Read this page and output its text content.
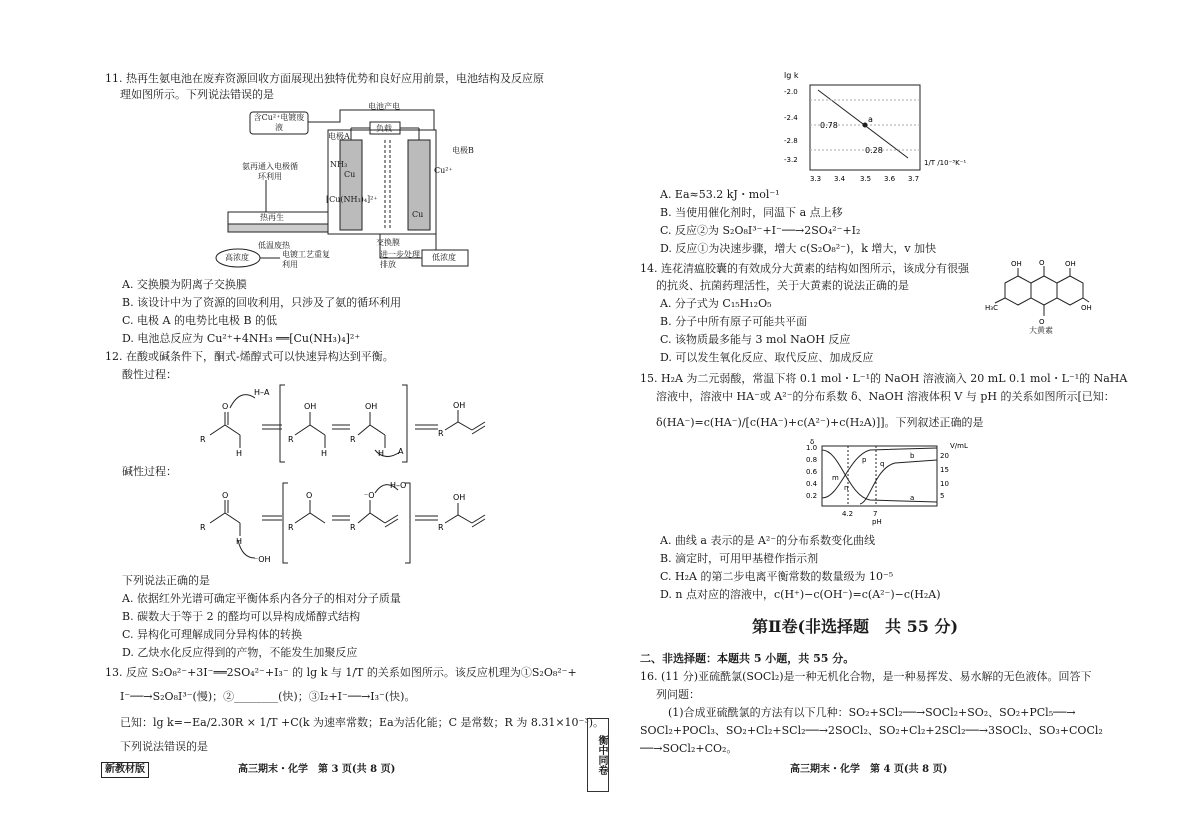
11. 热再生氨电池在废弃资源回收方面展现出独特优势和良好应用前景，电池结构及反应原
理如图所示。下列说法错误的是
含Cu²⁺电镀废液
电池产电
负载
电极A
电极B
Cu
Cu
Cu²⁺
NH₃
[Cu(NH₃)₄]²⁺
氨再通入电极循环利用
热再生
低温废热
高浓度	电镀工艺重复利用
交换膜
进一步处理排放
低浓度
A. 交换膜为阴离子交换膜
B. 该设计中为了资源的回收利用，只涉及了氨的循环利用
C. 电极 A 的电势比电极 B 的低
D. 电池总反应为 Cu²⁺+4NH₃ ══[Cu(NH₃)₄]²⁺
12. 在酸或碱条件下，酮式-烯醇式可以快速异构达到平衡。
酸性过程：
R
O
H
H–A
R
OH
H
R
OH
H A
R
OH
碱性过程：
R
O
H
⁻OH
R
O
R
⁻O
H–O
R
OH
下列说法正确的是
A. 依据红外光谱可确定平衡体系内各分子的相对分子质量
B. 碳数大于等于 2 的醛均可以异构成烯醇式结构
C. 异构化可理解成同分异构体的转换
D. 乙炔水化反应得到的产物，不能发生加聚反应
13. 反应 S₂O₈²⁻+3I⁻══2SO₄²⁻+I₃⁻ 的 lg k 与 1/T 的关系如图所示。该反应机理为①S₂O₈²⁻+
I⁻──→S₂O₈I³⁻(慢)；②________(快)；③I₂+I⁻──→I₃⁻(快)。
已知：lg k=−Ea/2.30R × 1/T +C(k 为速率常数；Ea为活化能；C 是常数；R 为 8.31×10⁻³)。
下列说法错误的是
新教材版	高三期末・化学　第 3 页(共 8 页)	衡中同卷
lg k
0.78
0.28
a
-2.0
-2.4
-2.8
-3.2
3.3 3.4 3.5 3.6 3.7
1/T /10⁻³K⁻¹
A. Ea≈53.2 kJ・mol⁻¹
B. 当使用催化剂时，同温下 a 点上移
C. 反应②为 S₂O₈I³⁻+I⁻──→2SO₄²⁻+I₂
D. 反应①为决速步骤，增大 c(S₂O₈²⁻)，k 增大，v 加快
14. 连花清瘟胶囊的有效成分大黄素的结构如图所示，该成分有很强
的抗炎、抗菌药理活性，关于大黄素的说法正确的是
O
O
OH	OH
H₃C	OH
大黄素
A. 分子式为 C₁₅H₁₂O₅
B. 分子中所有原子可能共平面
C. 该物质最多能与 3 mol NaOH 反应
D. 可以发生氧化反应、取代反应、加成反应
15. H₂A 为二元弱酸，常温下将 0.1 mol・L⁻¹的 NaOH 溶液滴入 20 mL 0.1 mol・L⁻¹的 NaHA
溶液中，溶液中 HA⁻或 A²⁻的分布系数 δ、NaOH 溶液体积 V 与 pH 的关系如图所示[已知：
δ(HA⁻)=c(HA⁻)/[c(HA⁻)+c(A²⁻)+c(H₂A)]]。下列叙述正确的是
δ	V/mL
1.0
0.8
0.6
0.4
0.2
20
15
10
5
4.2	7
pH
b
p q
m
n
a
A. 曲线 a 表示的是 A²⁻的分布系数变化曲线
B. 滴定时，可用甲基橙作指示剂
C. H₂A 的第二步电离平衡常数的数量级为 10⁻⁵
D. n 点对应的溶液中，c(H⁺)−c(OH⁻)=c(A²⁻)−c(H₂A)
第Ⅱ卷(非选择题　共 55 分)
二、非选择题：本题共 5 小题，共 55 分。
16. (11 分)亚硫酰氯(SOCl₂)是一种无机化合物，是一种易挥发、易水解的无色液体。回答下
列问题：
(1)合成亚硫酰氯的方法有以下几种：SO₂+SCl₂──→SOCl₂+SO₂、SO₂+PCl₅──→
SOCl₂+POCl₃、SO₂+Cl₂+SCl₂──→2SOCl₂、SO₂+Cl₂+2SCl₂──→3SOCl₂、SO₃+COCl₂
──→SOCl₂+CO₂。
高三期末・化学　第 4 页(共 8 页)
